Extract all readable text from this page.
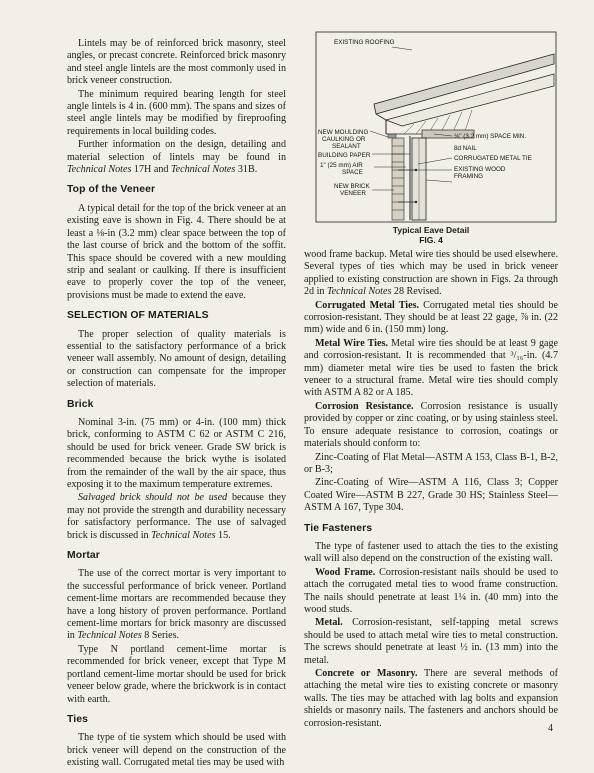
Lintels may be of reinforced brick masonry, steel angles, or precast concrete. Reinforced brick masonry and steel angle lintels are the most commonly used in brick veneer construction.

The minimum required bearing length for steel angle lintels is 4 in. (600 mm). The spans and sizes of steel angle lintels may be modified by fireproofing requirements in local building codes.

Further information on the design, detailing and material selection of lintels may be found in Technical Notes 17H and Technical Notes 31B.

Top of the Veneer

A typical detail for the top of the brick veneer at an existing eave is shown in Fig. 4. There should be at least a ⅛-in (3.2 mm) clear space between the top of the last course of brick and the bottom of the soffit. This space should be covered with a new moulding strip and sealant or caulking. If there is insufficient eave to properly cover the top of the veneer, provisions must be made to extend the eave.

SELECTION OF MATERIALS

The proper selection of quality materials is essential to the satisfactory performance of a brick veneer wall assembly. No amount of design, detailing or construction can compensate for the improper selection of materials.

Brick

Nominal 3-in. (75 mm) or 4-in. (100 mm) thick brick, conforming to ASTM C 62 or ASTM C 216, should be used for brick veneer. Grade SW brick is recommended because the brick wythe is isolated from the remainder of the wall by the air space, thus exposing it to the maximum temperature extremes.

Salvaged brick should not be used because they may not provide the strength and durability necessary for satisfactory performance. The use of salvaged brick is discussed in Technical Notes 15.

Mortar

The use of the correct mortar is very important to the successful performance of brick veneer. Portland cement-lime mortars are recommended because they have a long history of proven performance. Portland cement-lime mortars for brick masonry are discussed in Technical Notes 8 Series.

Type N portland cement-lime mortar is recommended for brick veneer, except that Type M portland cement-lime mortar should be used for brick veneer below grade, where the brickwork is in contact with earth.

Ties

The type of tie system which should be used with brick veneer will depend on the construction of the existing wall. Corrugated metal ties may be used with

EXISTING ROOFING
NEW MOULDING
CAULKING OR
SEALANT
BUILDING PAPER
1" (25 mm) AIR
SPACE
NEW BRICK
VENEER
⅛" (3.2 mm) SPACE MIN.
8d NAIL
CORRUGATED METAL TIE
EXISTING WOOD
FRAMING
Typical Eave Detail
FIG. 4

wood frame backup. Metal wire ties should be used elsewhere. Several types of ties which may be used in brick veneer applied to existing construction are shown in Figs. 2a through 2d in Technical Notes 28 Revised.

Corrugated Metal Ties. Corrugated metal ties should be corrosion-resistant. They should be at least 22 gage, ⅞ in. (22 mm) wide and 6 in. (150 mm) long.

Metal Wire Ties. Metal wire ties should be at least 9 gage and corrosion-resistant. It is recommended that ³/₁₆-in. (4.7 mm) diameter metal wire ties be used to fasten the brick veneer to a structural frame. Metal wire ties should comply with ASTM A 82 or A 185.

Corrosion Resistance. Corrosion resistance is usually provided by copper or zinc coating, or by using stainless steel. To ensure adequate resistance to corrosion, coatings or materials should conform to:

Zinc-Coating of Flat Metal—ASTM A 153, Class B-1, B-2, or B-3;

Zinc-Coating of Wire—ASTM A 116, Class 3; Copper Coated Wire—ASTM B 227, Grade 30 HS; Stainless Steel—ASTM A 167, Type 304.

Tie Fasteners

The type of fastener used to attach the ties to the existing wall will also depend on the construction of the existing wall.

Wood Frame. Corrosion-resistant nails should be used to attach the corrugated metal ties to wood frame construction. The nails should penetrate at least 1¼ in. (40 mm) into the wood studs.

Metal. Corrosion-resistant, self-tapping metal screws should be used to attach metal wire ties to metal construction. The screws should penetrate at least ½ in. (13 mm) into the metal.

Concrete or Masonry. There are several methods of attaching the metal wire ties to existing concrete or masonry walls. The ties may be attached with lag bolts and expansion shields or masonry nails. The fasteners and anchors should be corrosion-resistant.	4
